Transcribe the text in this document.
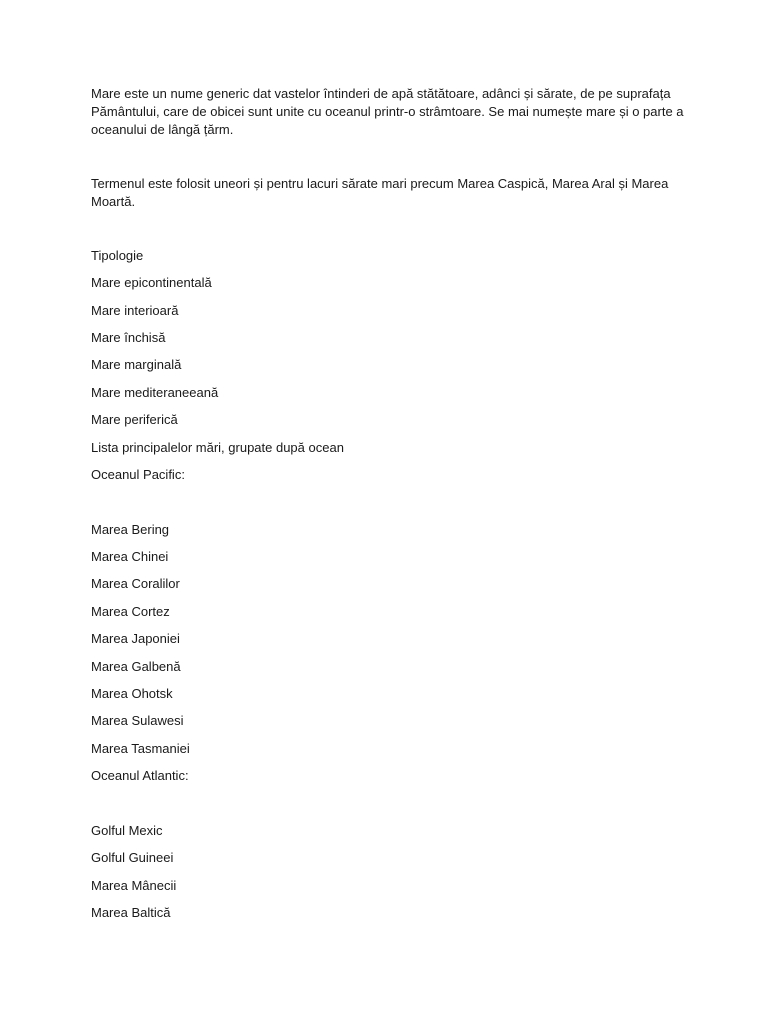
Mare este un nume generic dat vastelor întinderi de apă stătătoare, adânci și sărate, de pe suprafața Pământului, care de obicei sunt unite cu oceanul printr-o strâmtoare. Se mai numește mare și o parte a oceanului de lângă țărm.

Termenul este folosit uneori și pentru lacuri sărate mari precum Marea Caspică, Marea Aral și Marea Moartă.

Tipologie

Mare epicontinentală

Mare interioară

Mare închisă

Mare marginală

Mare mediteraneeană

Mare periferică

Lista principalelor mări, grupate după ocean

Oceanul Pacific:

Marea Bering

Marea Chinei

Marea Coralilor

Marea Cortez

Marea Japoniei

Marea Galbenă

Marea Ohotsk

Marea Sulawesi

Marea Tasmaniei

Oceanul Atlantic:

Golful Mexic

Golful Guineei

Marea Mânecii

Marea Baltică
